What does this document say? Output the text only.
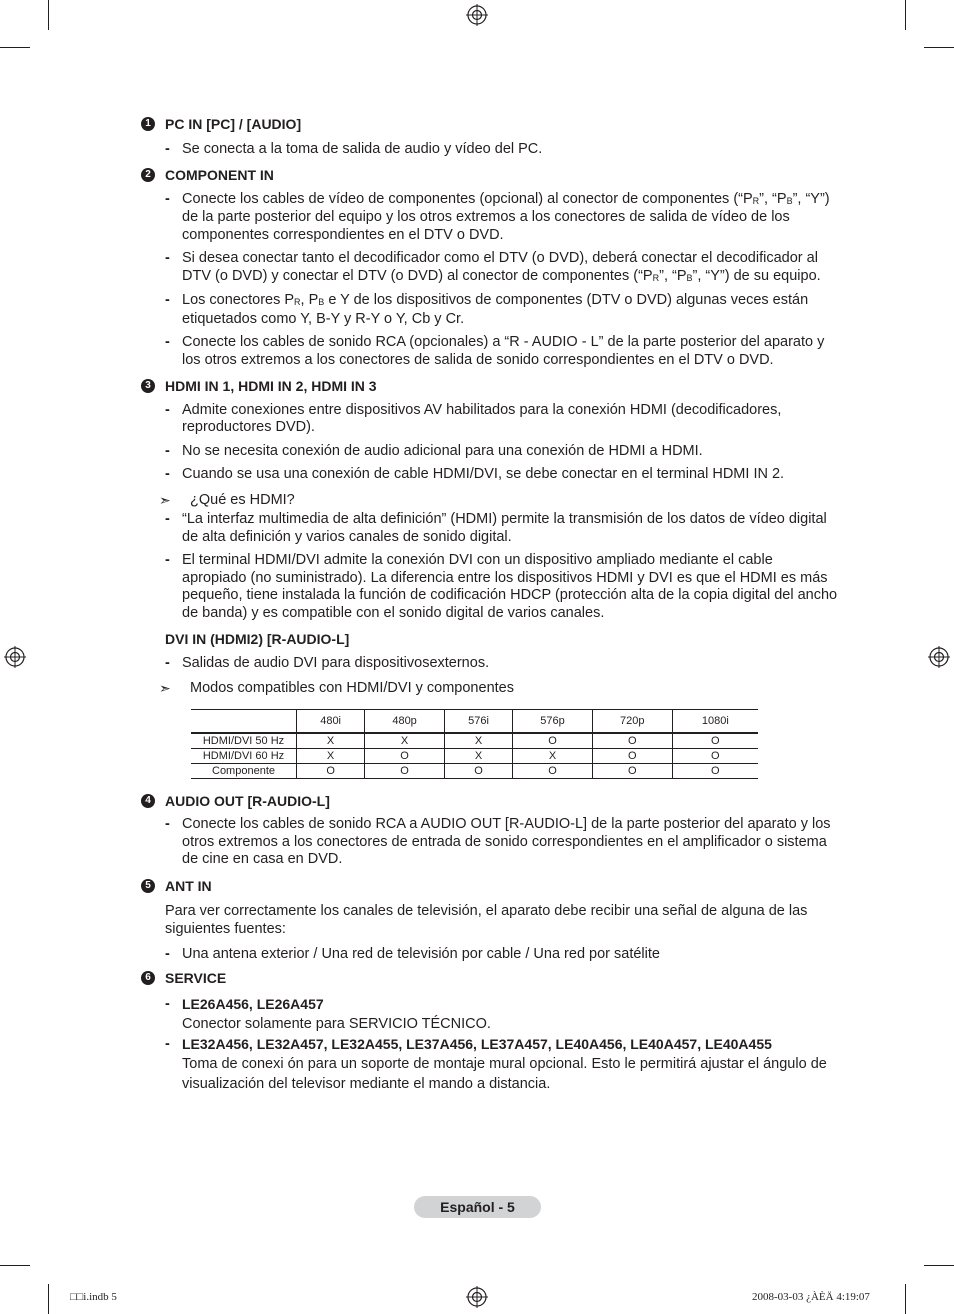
1	PC IN [PC] / [AUDIO]
- Se conecta a la toma de salida de audio y vídeo del PC.
2	COMPONENT IN
- Conecte los cables de vídeo de componentes (opcional) al conector de componentes (“$P_R$”, “$P_B$”, “Y”) de la parte posterior del equipo y los otros extremos a los conectores de salida de vídeo de los componentes correspondientes en el DTV o DVD.
- Si desea conectar tanto el decodificador como el DTV (o DVD), deberá conectar el decodificador al DTV (o DVD) y conectar el DTV (o DVD) al conector de componentes (“$P_R$”, “$P_B$”, “Y”) de su equipo.
- Los conectores $P_R$, $P_B$ e Y de los dispositivos de componentes (DTV o DVD) algunas veces están etiquetados como Y, B-Y y R-Y o Y, Cb y Cr.
- Conecte los cables de sonido RCA (opcionales) a “R - AUDIO - L” de la parte posterior del aparato y los otros extremos a los conectores de salida de sonido correspondientes en el DTV o DVD.
3	HDMI IN 1, HDMI IN 2, HDMI IN 3
- Admite conexiones entre dispositivos AV habilitados para la conexión HDMI (decodificadores, reproductores DVD).
- No se necesita conexión de audio adicional para una conexión de HDMI a HDMI.
- Cuando se usa una conexión de cable HDMI/DVI, se debe conectar en el terminal HDMI IN 2.
➣ ¿Qué es HDMI?
- “La interfaz multimedia de alta definición” (HDMI) permite la transmisión de los datos de vídeo digital de alta definición y varios canales de sonido digital.
- El terminal HDMI/DVI admite la conexión DVI con un dispositivo ampliado mediante el cable apropiado (no suministrado). La diferencia entre los dispositivos HDMI y DVI es que el HDMI es más pequeño, tiene instalada la función de codificación HDCP (protección alta de la copia digital del ancho de banda) y es compatible con el sonido digital de varios canales.
DVI IN (HDMI2) [R-AUDIO-L]
- Salidas de audio DVI para dispositivosexternos.
➣ Modos compatibles con HDMI/DVI y componentes
	480i	480p	576i	576p	720p	1080i
HDMI/DVI 50 Hz	X	X	X	O	O	O
HDMI/DVI 60 Hz	X	O	X	X	O	O
Componente	O	O	O	O	O	O
4	AUDIO OUT [R-AUDIO-L]
- Conecte los cables de sonido RCA a AUDIO OUT [R-AUDIO-L] de la parte posterior del aparato y los otros extremos a los conectores de entrada de sonido correspondientes en el amplificador o sistema de cine en casa en DVD.
5	ANT IN
Para ver correctamente los canales de televisión, el aparato debe recibir una señal de alguna de las siguientes fuentes:
- Una antena exterior / Una red de televisión por cable / Una red por satélite
6	SERVICE
- LE26A456, LE26A457
Conector solamente para SERVICIO TÉCNICO.
- LE32A456, LE32A457, LE32A455, LE37A456, LE37A457, LE40A456, LE40A457, LE40A455
Toma de conexi ón para un soporte de montaje mural opcional. Esto le permitirá ajustar el ángulo de visualización del televisor mediante el mando a distancia.
Español - 5
□□i.indb 5	2008-03-03 ¿ÀÈÄ 4:19:07
